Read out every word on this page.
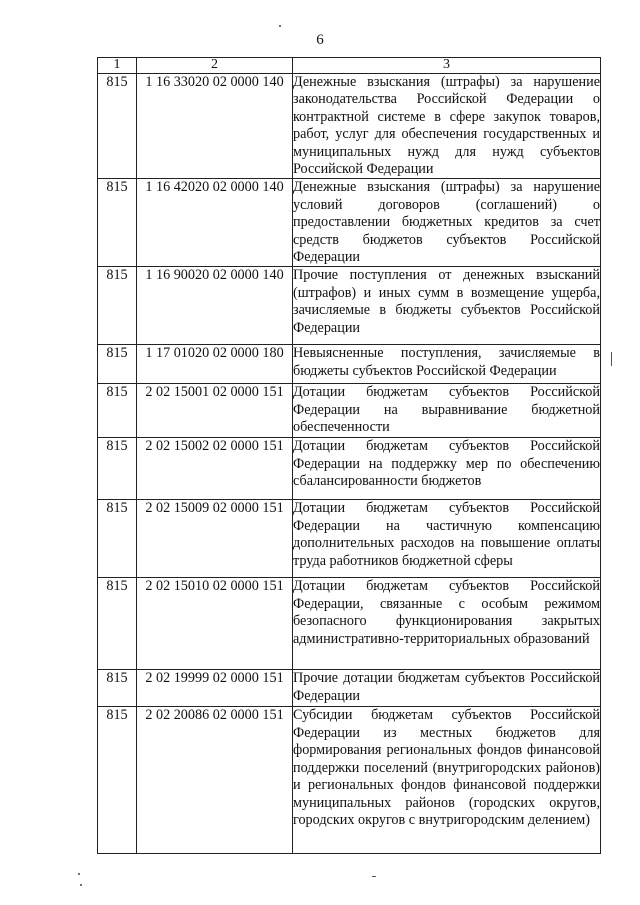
6
1	2	3
815	1 16 33020 02 0000 140	Денежные взыскания (штрафы) за нарушение законодательства Российской Федерации о контрактной системе в сфере закупок товаров, работ, услуг для обеспечения государственных и муниципальных нужд для нужд субъектов Российской Федерации
815	1 16 42020 02 0000 140	Денежные взыскания (штрафы) за нарушение условий договоров (соглашений) о предоставлении бюджетных кредитов за счет средств бюджетов субъектов Российской Федерации
815	1 16 90020 02 0000 140	Прочие поступления от денежных взысканий (штрафов) и иных сумм в возмещение ущерба, зачисляемые в бюджеты субъектов Российской Федерации
815	1 17 01020 02 0000 180	Невыясненные поступления, зачисляемые в бюджеты субъектов Российской Федерации
815	2 02 15001 02 0000 151	Дотации бюджетам субъектов Российской Федерации на выравнивание бюджетной обеспеченности
815	2 02 15002 02 0000 151	Дотации бюджетам субъектов Российской Федерации на поддержку мер по обеспечению сбалансированности бюджетов
815	2 02 15009 02 0000 151	Дотации бюджетам субъектов Российской Федерации на частичную компенсацию дополнительных расходов на повышение оплаты труда работников бюджетной сферы
815	2 02 15010 02 0000 151	Дотации бюджетам субъектов Российской Федерации, связанные с особым режимом безопасного функционирования закрытых административно-территориальных образований
815	2 02 19999 02 0000 151	Прочие дотации бюджетам субъектов Российской Федерации
815	2 02 20086 02 0000 151	Субсидии бюджетам субъектов Российской Федерации из местных бюджетов для формирования региональных фондов финансовой поддержки поселений (внутригородских районов) и региональных фондов финансовой поддержки муниципальных районов (городских округов, городских округов с внутригородским делением)
